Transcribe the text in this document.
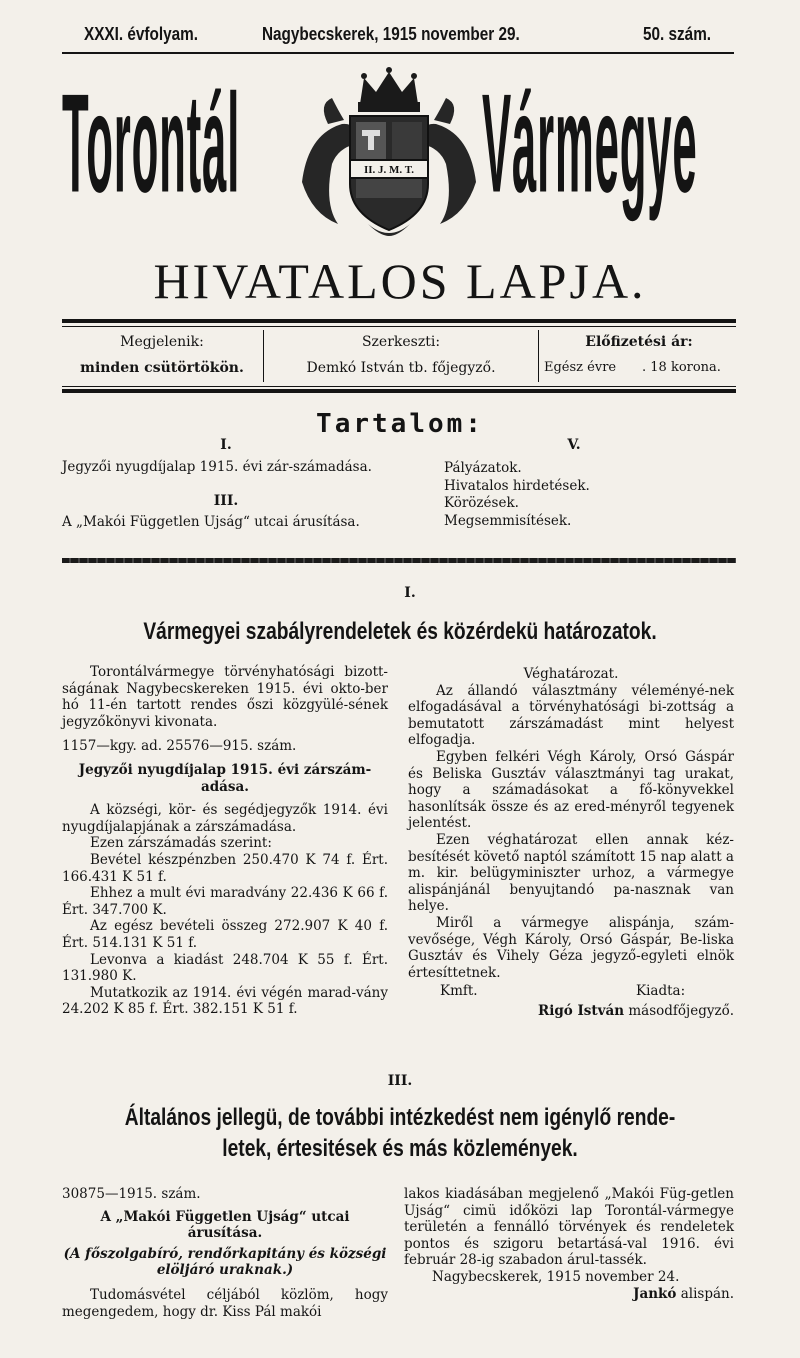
XXXI. évfolyam.	Nagybecskerek, 1915 november 29.	50. szám.
Torontál Vármegye
II. J. M. T.
HIVATALOS LAPJA.
Megjelenik:
minden csütörtökön.
Szerkeszti:
Demkó István tb. főjegyző.
Előfizetési ár:
Egész évre . 18 korona.
Tartalom:
I.
Jegyzői nyugdíjalap 1915. évi zár-számadása.
III.
A „Makói Független Ujság“ utcai árusítása.
V.
Pályázatok.
Hivatalos hirdetések.
Körözések.
Megsemmisítések.
I.
Vármegyei szabályrendeletek és közérdekü határozatok.

Torontálvármegye törvényhatósági bizott-ságának Nagybecskereken 1915. évi okto-ber hó 11-én tartott rendes őszi közgyülé-sének jegyzőkönyvi kivonata.

1157—kgy. ad. 25576—915. szám.

Jegyzői nyugdíjalap 1915. évi zárszám-adása.

A községi, kör- és segédjegyzők 1914. évi nyugdíjalapjának a zárszámadása.

Ezen zárszámadás szerint:

Bevétel készpénzben 250.470 K 74 f. Ért. 166.431 K 51 f.

Ehhez a mult évi maradvány 22.436 K 66 f. Ért. 347.700 K.

Az egész bevételi összeg 272.907 K 40 f. Ért. 514.131 K 51 f.

Levonva a kiadást 248.704 K 55 f. Ért. 131.980 K.

Mutatkozik az 1914. évi végén marad-vány 24.202 K 85 f. Ért. 382.151 K 51 f.

Véghatározat.

Az állandó választmány véleményé-nek elfogadásával a törvényhatósági bi-zottság a bemutatott zárszámadást mint helyest elfogadja.

Egyben felkéri Végh Károly, Orsó Gáspár és Beliska Gusztáv választmányi tag urakat, hogy a számadásokat a fő-könyvekkel hasonlítsák össze és az ered-ményről tegyenek jelentést.

Ezen véghatározat ellen annak kéz-besítését követő naptól számított 15 nap alatt a m. kir. belügyminiszter urhoz, a vármegye alispánjánál benyujtandó pa-nasznak van helye.

Miről a vármegye alispánja, szám-vevősége, Végh Károly, Orsó Gáspár, Be-liska Gusztáv és Vihely Géza jegyző-egyleti elnök értesíttetnek.

Kmft.	Kiadta:

Rigó István másodfőjegyző.

III.
Általános jellegü, de további intézkedést nem igénylő rende-
letek, értesitések és más közlemények.

30875—1915. szám.

A „Makói Független Ujság“ utcai árusítása.

(A főszolgabíró, rendőrkapitány és községi elöljáró uraknak.)

Tudomásvétel céljából közlöm, hogy megengedem, hogy dr. Kiss Pál makói

lakos kiadásában megjelenő „Makói Füg-getlen Ujság“ cimü időközi lap Torontál-vármegye területén a fennálló törvények és rendeletek pontos és szigoru betartásá-val 1916. évi február 28-ig szabadon árul-tassék.

Nagybecskerek, 1915 november 24.

Jankó alispán.
